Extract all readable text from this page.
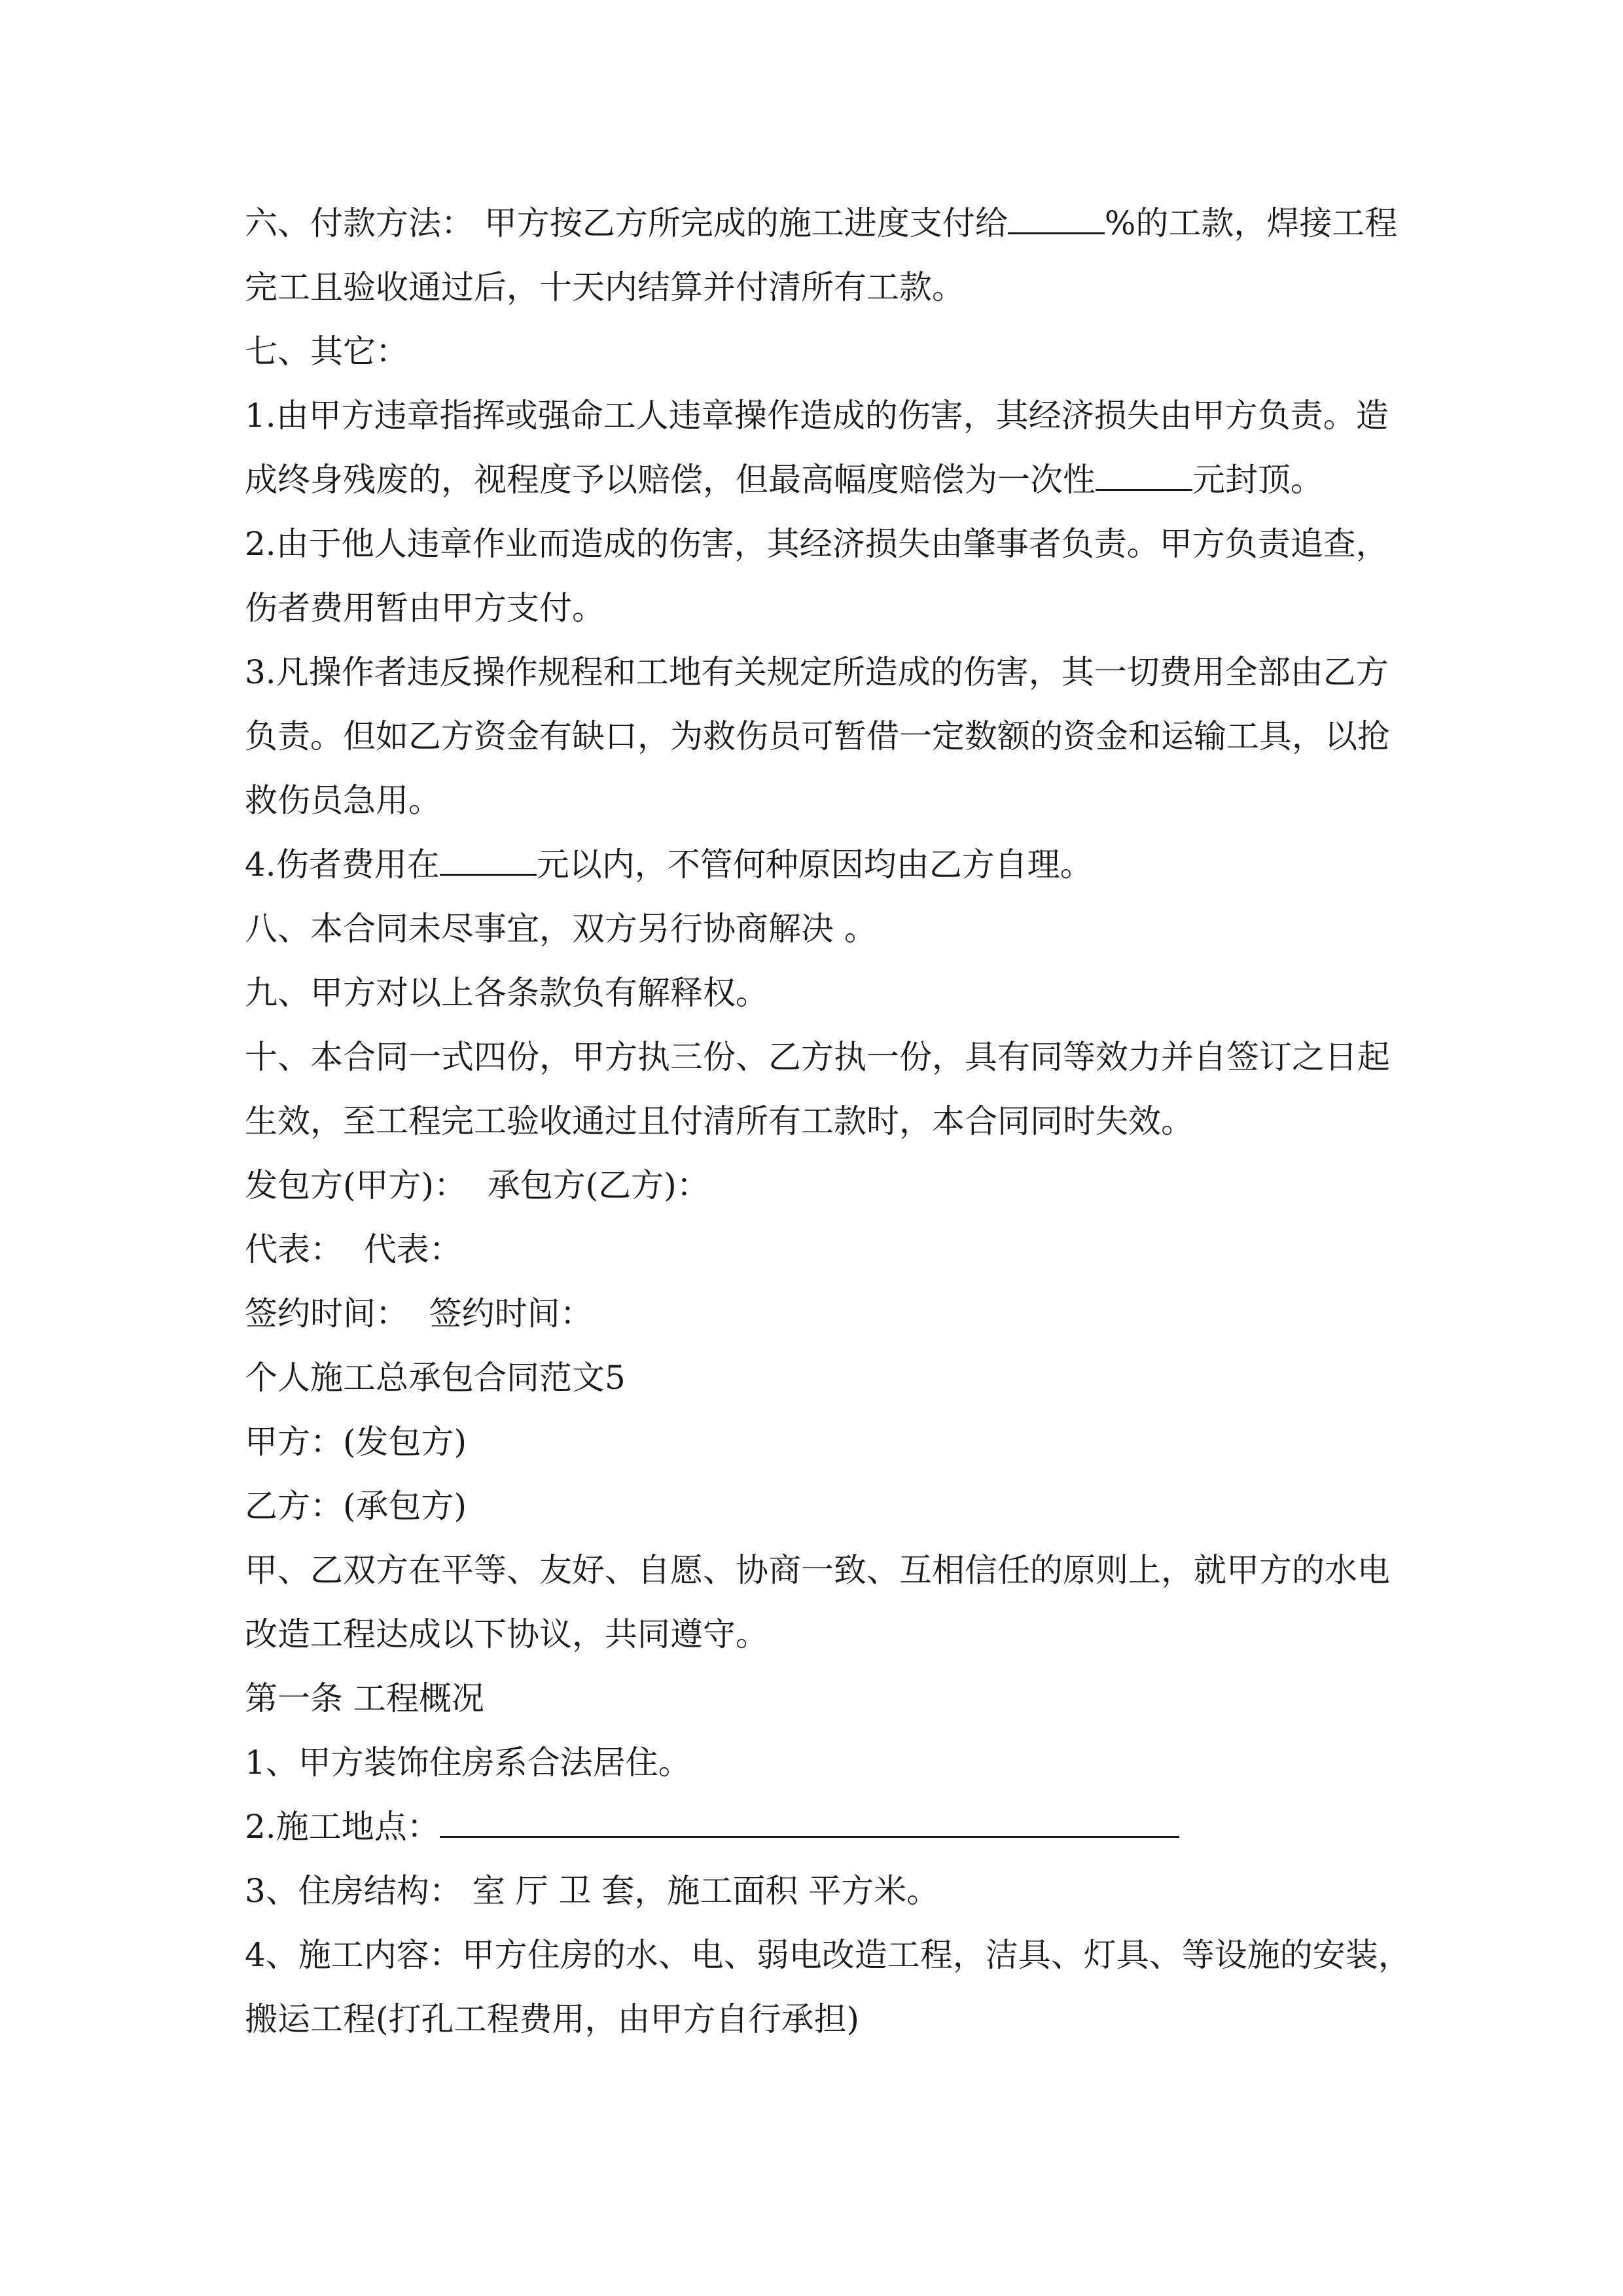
六、付款方法： 甲方按乙方所完成的施工进度支付给	%的工款，焊接工程
完工且验收通过后，十天内结算并付清所有工款。
七、其它：
1.由甲方违章指挥或强命工人违章操作造成的伤害，其经济损失由甲方负责。造
成终身残废的，视程度予以赔偿，但最高幅度赔偿为一次性	元封顶。
2.由于他人违章作业而造成的伤害，其经济损失由肇事者负责。甲方负责追查，
伤者费用暂由甲方支付。
3.凡操作者违反操作规程和工地有关规定所造成的伤害，其一切费用全部由乙方
负责。但如乙方资金有缺口，为救伤员可暂借一定数额的资金和运输工具，以抢
救伤员急用。
4.伤者费用在	元以内，不管何种原因均由乙方自理。
八、本合同未尽事宜，双方另行协商解决 。
九、甲方对以上各条款负有解释权。
十、本合同一式四份，甲方执三份、乙方执一份，具有同等效力并自签订之日起
生效，至工程完工验收通过且付清所有工款时，本合同同时失效。
发包方(甲方)：  承包方(乙方)：
代表：  代表：
签约时间：  签约时间：
个人施工总承包合同范文5
甲方：(发包方)
乙方：(承包方)
甲、乙双方在平等、友好、自愿、协商一致、互相信任的原则上，就甲方的水电
改造工程达成以下协议，共同遵守。
第一条 工程概况
1、甲方装饰住房系合法居住。
2.施工地点：
3、住房结构： 室 厅 卫 套，施工面积 平方米。
4、施工内容：甲方住房的水、电、弱电改造工程，洁具、灯具、等设施的安装，
搬运工程(打孔工程费用，由甲方自行承担)
